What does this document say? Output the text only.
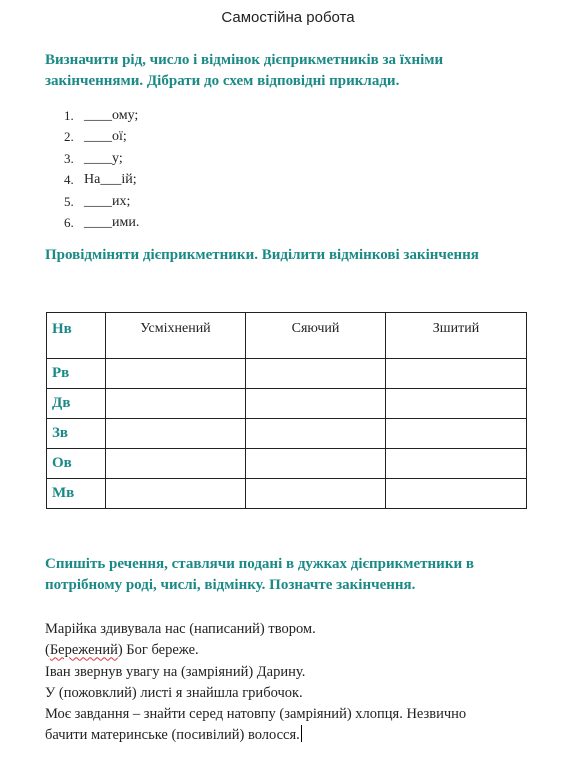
Самостійна робота
Визначити рід, число і відмінок дієприкметників за їхніми
закінченнями. Дібрати до схем відповідні приклади.
1. ____ому;
2. ____ої;
3. ____у;
4. На___ій;
5. ____их;
6. ____ими.
Провідміняти дієприкметники. Виділити відмінкові закінчення
Нв	Усміхнений	Сяючий	Зшитий
Рв			
Дв			
Зв			
Ов			
Мв			
Спишіть речення, ставлячи подані в дужках дієприкметники в
потрібному роді, числі, відмінку. Позначте закінчення.
Марійка здивувала нас (написаний) твором.
(Бережений) Бог береже.
Іван звернув увагу на (замріяний) Дарину.
У (пожовклий) листі я знайшла грибочок.
Моє завдання – знайти серед натовпу (замріяний) хлопця. Незвично
бачити материнське (посивілий) волосся.
